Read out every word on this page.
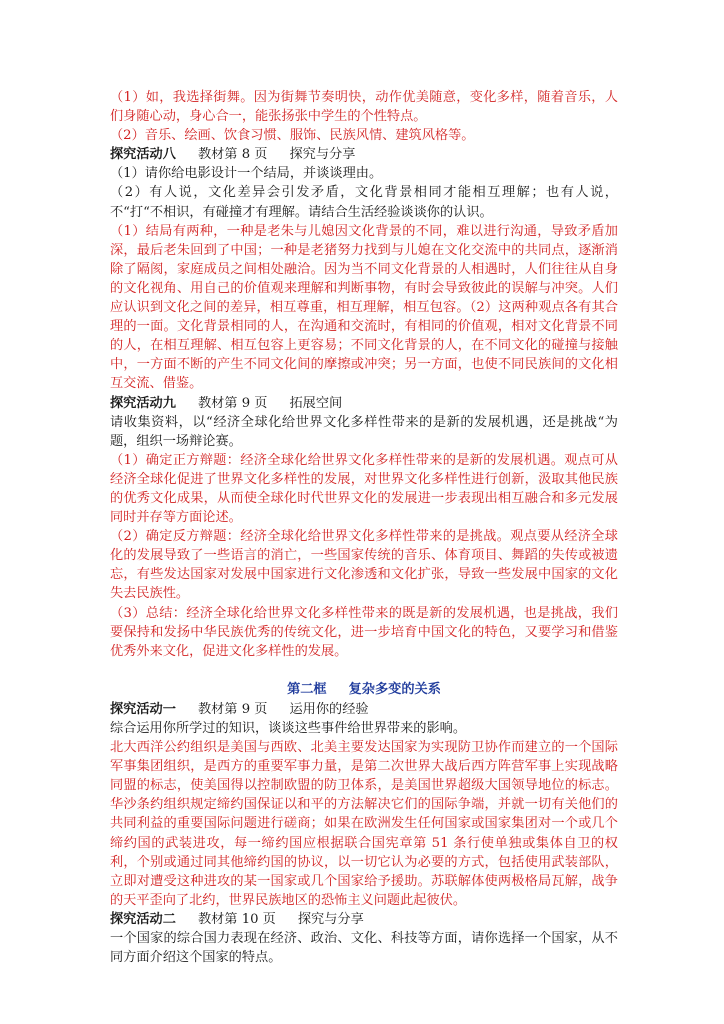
（1）如，我选择街舞。因为街舞节奏明快，动作优美随意，变化多样，随着音乐，人们身随心动，身心合一，能张扬张中学生的个性特点。

（2）音乐、绘画、饮食习惯、服饰、民族风情、建筑风格等。

探究活动八 教材第 8 页 探究与分享

（1）请你给电影设计一个结局，并谈谈理由。

（2）有人说，文化差异会引发矛盾，文化背景相同才能相互理解；也有人说，不“打“不相识，有碰撞才有理解。请结合生活经验谈谈你的认识。

（1）结局有两种，一种是老朱与儿媳因文化背景的不同，难以进行沟通，导致矛盾加深，最后老朱回到了中国；一种是老猪努力找到与儿媳在文化交流中的共同点，逐渐消除了隔阂，家庭成员之间相处融洽。因为当不同文化背景的人相遇时，人们往往从自身的文化视角、用自己的价值观来理解和判断事物，有时会导致彼此的误解与冲突。人们应认识到文化之间的差异，相互尊重，相互理解，相互包容。（2）这两种观点各有其合理的一面。文化背景相同的人，在沟通和交流时，有相同的价值观，相对文化背景不同的人，在相互理解、相互包容上更容易；不同文化背景的人，在不同文化的碰撞与接触中，一方面不断的产生不同文化间的摩擦或冲突；另一方面，也使不同民族间的文化相互交流、借鉴。

探究活动九 教材第 9 页 拓展空间

请收集资料，以“经济全球化给世界文化多样性带来的是新的发展机遇，还是挑战“为题，组织一场辩论赛。

（1）确定正方辩题：经济全球化给世界文化多样性带来的是新的发展机遇。观点可从经济全球化促进了世界文化多样性的发展，对世界文化多样性进行创新，汲取其他民族的优秀文化成果，从而使全球化时代世界文化的发展进一步表现出相互融合和多元发展同时并存等方面论述。

（2）确定反方辩题：经济全球化给世界文化多样性带来的是挑战。观点要从经济全球化的发展导致了一些语言的消亡，一些国家传统的音乐、体育项目、舞蹈的失传或被遗忘，有些发达国家对发展中国家进行文化渗透和文化扩张，导致一些发展中国家的文化失去民族性。

（3）总结：经济全球化给世界文化多样性带来的既是新的发展机遇，也是挑战，我们要保持和发扬中华民族优秀的传统文化，进一步培育中国文化的特色，又要学习和借鉴优秀外来文化，促进文化多样性的发展。

第二框 复杂多变的关系

探究活动一 教材第 9 页 运用你的经验

综合运用你所学过的知识，谈谈这些事件给世界带来的影响。

北大西洋公约组织是美国与西欧、北美主要发达国家为实现防卫协作而建立的一个国际军事集团组织，是西方的重要军事力量，是第二次世界大战后西方阵营军事上实现战略同盟的标志，使美国得以控制欧盟的防卫体系，是美国世界超级大国领导地位的标志。华沙条约组织规定缔约国保证以和平的方法解决它们的国际争端，并就一切有关他们的共同利益的重要国际问题进行磋商；如果在欧洲发生任何国家或国家集团对一个或几个缔约国的武装进攻，每一缔约国应根据联合国宪章第 51 条行使单独或集体自卫的权利，个别或通过同其他缔约国的协议，以一切它认为必要的方式，包括使用武装部队，立即对遭受这种进攻的某一国家或几个国家给予援助。苏联解体使两极格局瓦解，战争的天平歪向了北约，世界民族地区的恐怖主义问题此起彼伏。

探究活动二 教材第 10 页 探究与分享

一个国家的综合国力表现在经济、政治、文化、科技等方面，请你选择一个国家，从不同方面介绍这个国家的特点。
